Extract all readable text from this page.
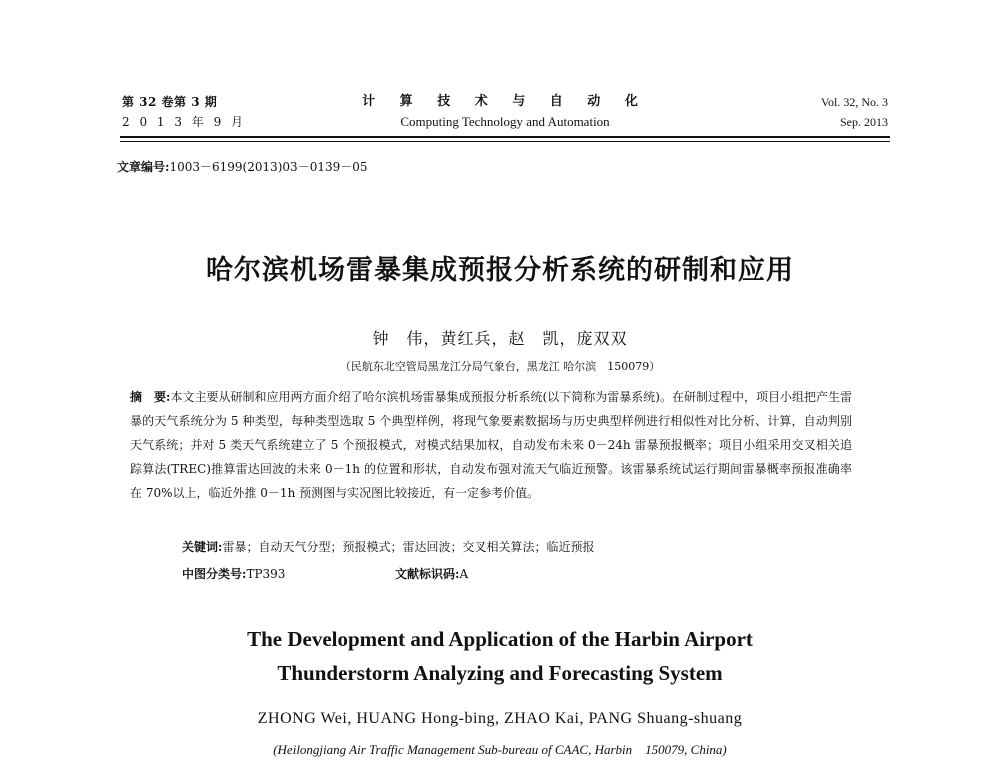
第 32 卷第 3 期
2 0 1 3 年 9 月
计 算 技 术 与 自 动 化
Computing Technology and Automation
Vol. 32, No. 3
Sep. 2013
文章编号:1003－6199(2013)03－0139－05
哈尔滨机场雷暴集成预报分析系统的研制和应用
钟　伟，黄红兵，赵　凯，庞双双
（民航东北空管局黑龙江分局气象台，黑龙江 哈尔滨　150079）
摘　要:本文主要从研制和应用两方面介绍了哈尔滨机场雷暴集成预报分析系统(以下简称为雷暴系统)。在研制过程中，项目小组把产生雷暴的天气系统分为 5 种类型，每种类型选取 5 个典型样例，将现气象要素数据场与历史典型样例进行相似性对比分析、计算，自动判别天气系统；并对 5 类天气系统建立了 5 个预报模式，对模式结果加权，自动发布未来 0－24h 雷暴预报概率；项目小组采用交叉相关追踪算法(TREC)推算雷达回波的未来 0－1h 的位置和形状，自动发布强对流天气临近预警。该雷暴系统试运行期间雷暴概率预报准确率在 70%以上，临近外推 0－1h 预测图与实况图比较接近，有一定参考价值。
关键词:雷暴；自动天气分型；预报模式；雷达回波；交叉相关算法；临近预报
中图分类号:TP393	文献标识码:A
The Development and Application of the Harbin Airport
Thunderstorm Analyzing and Forecasting System
ZHONG Wei, HUANG Hong-bing, ZHAO Kai, PANG Shuang-shuang
(Heilongjiang Air Traffic Management Sub-bureau of CAAC, Harbin　150079, China)
